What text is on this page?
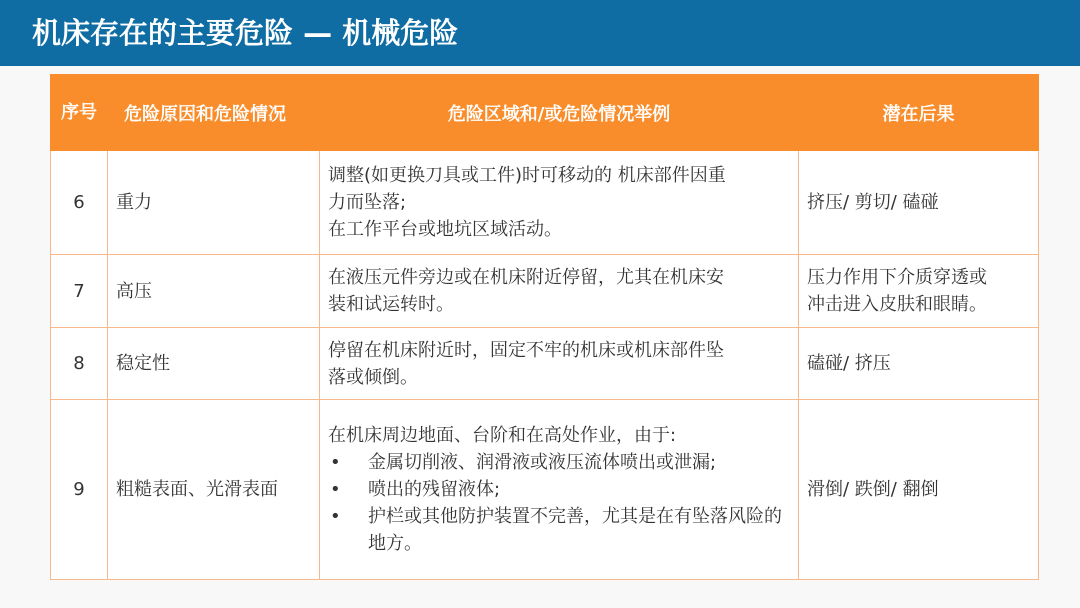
机床存在的主要危险 — 机械危险
序号	危险原因和危险情况	危险区域和/或危险情况举例	潜在后果
6	重力	调整(如更换刀具或工件)时可移动的 机床部件因重
力而坠落;
在工作平台或地坑区域活动。	挤压/ 剪切/ 磕碰

7	高压	在液压元件旁边或在机床附近停留，尤其在机床安
装和试运转时。	压力作用下介质穿透或
冲击进入皮肤和眼睛。

8	稳定性	停留在机床附近时，固定不牢的机床或机床部件坠
落或倾倒。	磕碰/ 挤压

9	粗糙表面、光滑表面	在机床周边地面、台阶和在高处作业，由于:
• 金属切削液、润滑液或液压流体喷出或泄漏;
• 喷出的残留液体;
• 护栏或其他防护装置不完善，尤其是在有坠落风险的地方。	滑倒/ 跌倒/ 翻倒
